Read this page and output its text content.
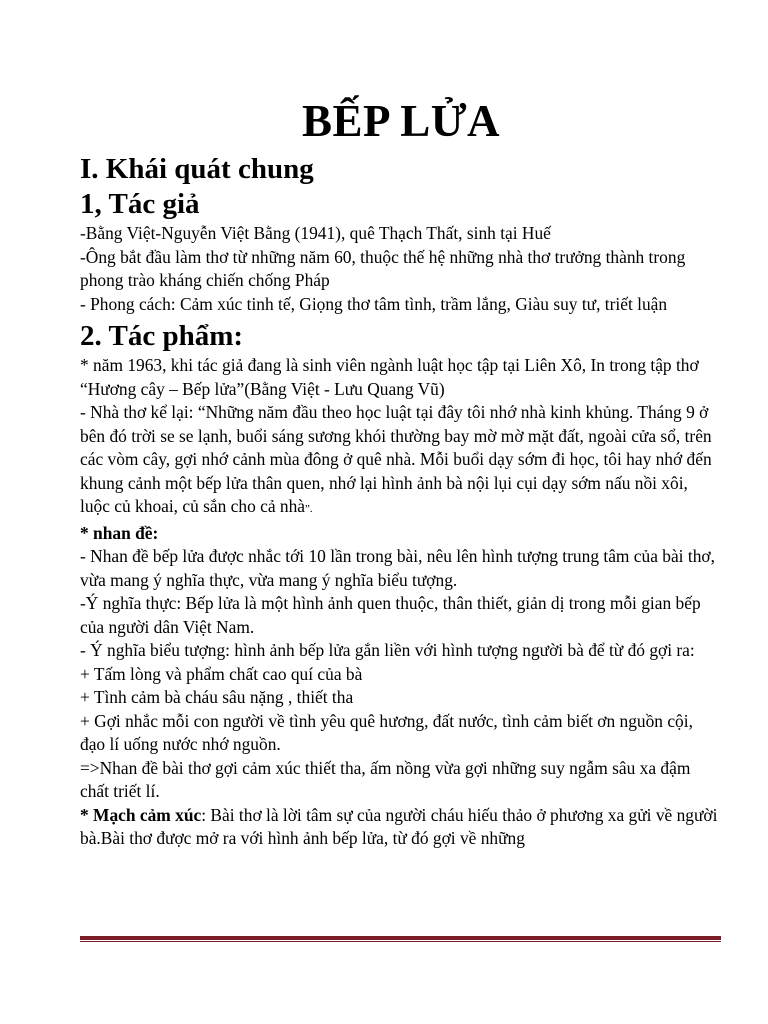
BẾP LỬA
I. Khái quát chung
1, Tác giả

-Bằng Việt-Nguyễn Việt Bằng (1941), quê Thạch Thất, sinh tại Huế

-Ông bắt đầu làm thơ từ những năm 60, thuộc thế hệ những nhà thơ trưởng thành trong phong trào kháng chiến chống Pháp

- Phong cách: Cảm xúc tinh tế, Giọng thơ tâm tình, trầm lắng, Giàu suy tư, triết luận

2. Tác phẩm:

* năm 1963, khi tác giả đang là sinh viên ngành luật học tập tại Liên Xô, In trong tập thơ “Hương cây – Bếp lửa”(Bằng Việt - Lưu Quang Vũ)

- Nhà thơ kể lại: “Những năm đầu theo học luật tại đây tôi nhớ nhà kinh khủng. Tháng 9 ở bên đó trời se se lạnh, buổi sáng sương khói thường bay mờ mờ mặt đất, ngoài cửa sổ, trên các vòm cây, gợi nhớ cảnh mùa đông ở quê nhà. Mỗi buổi dạy sớm đi học, tôi hay nhớ đến khung cảnh một bếp lửa thân quen, nhớ lại hình ảnh bà nội lụi cụi dạy sớm nấu nồi xôi, luộc củ khoai, củ sắn cho cả nhà”.

* nhan đề:

- Nhan đề bếp lửa được nhắc tới 10 lần trong bài, nêu lên hình tượng trung tâm của bài thơ, vừa mang ý nghĩa thực, vừa mang ý nghĩa biểu tượng.

-Ý nghĩa thực: Bếp lửa là một hình ảnh quen thuộc, thân thiết, giản dị trong mỗi gian bếp của người dân Việt Nam.

- Ý nghĩa biểu tượng: hình ảnh bếp lửa gắn liền với hình tượng người bà để từ đó gợi ra:

+ Tấm lòng và phẩm chất cao quí của bà

+ Tình cảm bà cháu sâu nặng , thiết tha

+ Gợi nhắc mỗi con người về tình yêu quê hương, đất nước, tình cảm biết ơn nguồn cội, đạo lí uống nước nhớ nguồn.

=>Nhan đề bài thơ gợi cảm xúc thiết tha, ấm nồng vừa gợi những suy ngẫm sâu xa đậm chất triết lí.

* Mạch cảm xúc: Bài thơ là lời tâm sự của người cháu hiếu thảo ở phương xa gửi về người bà.Bài thơ được mở ra với hình ảnh bếp lửa, từ đó gợi về những
